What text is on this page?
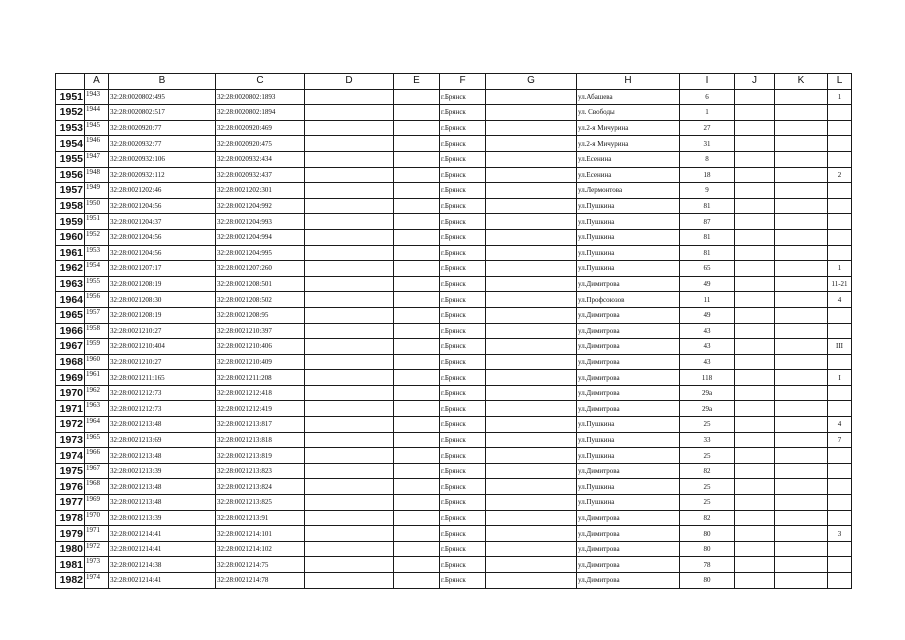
	A	B	C	D	E	F	G	H	I	J	K	L
1951	1943	32:28:0020802:495	32:28:0020802:1893			г.Брянск		ул.Абашева	6			1
1952	1944	32:28:0020802:517	32:28:0020802:1894			г.Брянск		ул. Свободы	1			
1953	1945	32:28:0020920:77	32:28:0020920:469			г.Брянск		ул.2-я Мичурина	27			
1954	1946	32:28:0020932:77	32:28:0020920:475			г.Брянск		ул.2-я Мичурина	31			
1955	1947	32:28:0020932:106	32:28:0020932:434			г.Брянск		ул.Есенина	8			
1956	1948	32:28:0020932:112	32:28:0020932:437			г.Брянск		ул.Есенина	18			2
1957	1949	32:28:0021202:46	32:28:0021202:301			г.Брянск		ул.Лермонтова	9			
1958	1950	32:28:0021204:56	32:28:0021204:992			г.Брянск		ул.Пушкина	81			
1959	1951	32:28:0021204:37	32:28:0021204:993			г.Брянск		ул.Пушкина	87			
1960	1952	32:28:0021204:56	32:28:0021204:994			г.Брянск		ул.Пушкина	81			
1961	1953	32:28:0021204:56	32:28:0021204:995			г.Брянск		ул.Пушкина	81			
1962	1954	32:28:0021207:17	32:28:0021207:260			г.Брянск		ул.Пушкина	65			1
1963	1955	32:28:0021208:19	32:28:0021208:501			г.Брянск		ул.Димитрова	49			11-21
1964	1956	32:28:0021208:30	32:28:0021208:502			г.Брянск		ул.Профсоюзов	11			4
1965	1957	32:28:0021208:19	32:28:0021208:95			г.Брянск		ул.Димитрова	49			
1966	1958	32:28:0021210:27	32:28:0021210:397			г.Брянск		ул.Димитрова	43			
1967	1959	32:28:0021210:404	32:28:0021210:406			г.Брянск		ул.Димитрова	43			III
1968	1960	32:28:0021210:27	32:28:0021210:409			г.Брянск		ул.Димитрова	43			
1969	1961	32:28:0021211:165	32:28:0021211:208			г.Брянск		ул.Димитрова	118			I
1970	1962	32:28:0021212:73	32:28:0021212:418			г.Брянск		ул.Димитрова	29а			
1971	1963	32:28:0021212:73	32:28:0021212:419			г.Брянск		ул.Димитрова	29а			
1972	1964	32:28:0021213:48	32:28:0021213:817			г.Брянск		ул.Пушкина	25			4
1973	1965	32:28:0021213:69	32:28:0021213:818			г.Брянск		ул.Пушкина	33			7
1974	1966	32:28:0021213:48	32:28:0021213:819			г.Брянск		ул.Пушкина	25			
1975	1967	32:28:0021213:39	32:28:0021213:823			г.Брянск		ул.Димитрова	82			
1976	1968	32:28:0021213:48	32:28:0021213:824			г.Брянск		ул.Пушкина	25			
1977	1969	32:28:0021213:48	32:28:0021213:825			г.Брянск		ул.Пушкина	25			
1978	1970	32:28:0021213:39	32:28:0021213:91			г.Брянск		ул.Димитрова	82			
1979	1971	32:28:0021214:41	32:28:0021214:101			г.Брянск		ул.Димитрова	80			3
1980	1972	32:28:0021214:41	32:28:0021214:102			г.Брянск		ул.Димитрова	80			
1981	1973	32:28:0021214:38	32:28:0021214:75			г.Брянск		ул.Димитрова	78			
1982	1974	32:28:0021214:41	32:28:0021214:78			г.Брянск		ул.Димитрова	80			
